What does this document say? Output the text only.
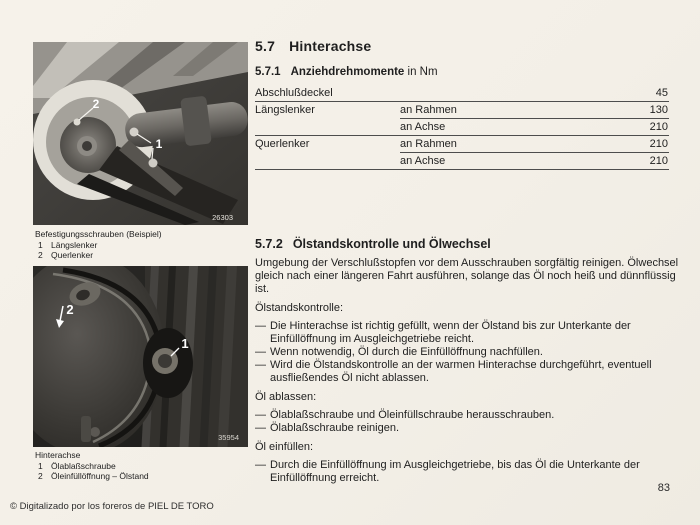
2
1
26303
Befestigungsschrauben (Beispiel)
1 Längslenker
2 Querlenker
2
1
35954
Hinterachse
1 Ölablaßschraube
2 Öleinfüllöffnung – Ölstand
5.7 Hinterachse
5.7.1 Anziehdrehmomente in Nm
Abschlußdeckel	45
Längslenker	an Rahmen	130
an Achse	210
Querlenker	an Rahmen	210
an Achse	210
5.7.2 Ölstandskontrolle und Ölwechsel

Umgebung der Verschlußstopfen vor dem Ausschrauben sorgfältig reinigen. Ölwechsel gleich nach einer längeren Fahrt ausführen, solange das Öl noch heiß und dünnflüssig ist.

Ölstandskontrolle:
— Die Hinterachse ist richtig gefüllt, wenn der Ölstand bis zur Unterkante der Einfüllöffnung im Ausgleichgetriebe reicht.
— Wenn notwendig, Öl durch die Einfüllöffnung nachfüllen.
— Wird die Ölstandskontrolle an der warmen Hinterachse durchgeführt, eventuell ausfließendes Öl nicht ablassen.
Öl ablassen:
— Ölablaßschraube und Öleinfüllschraube herausschrauben.
— Ölablaßschraube reinigen.
Öl einfüllen:
— Durch die Einfüllöffnung im Ausgleichgetriebe, bis das Öl die Unterkante der Einfüllöffnung erreicht.
83
© Digitalizado por los foreros de PIEL DE TORO
